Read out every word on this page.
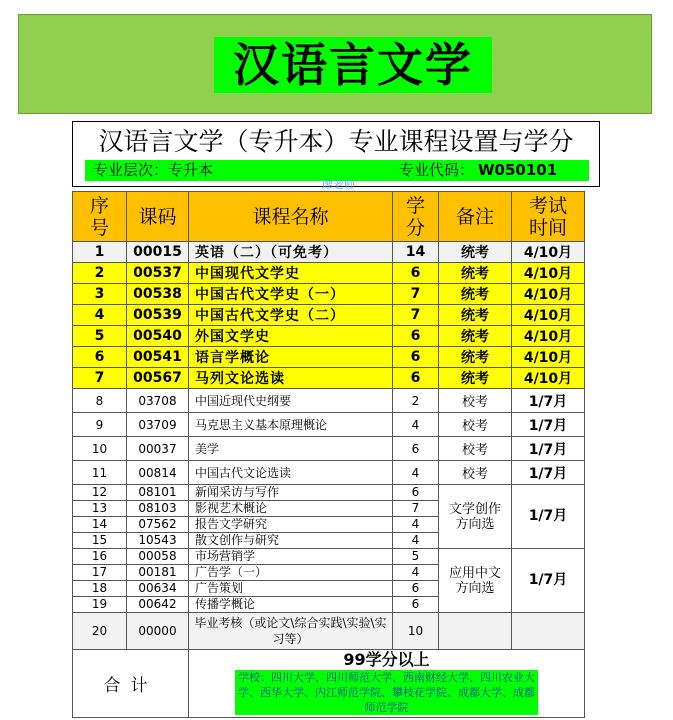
汉语言文学
汉语言文学（专升本）专业课程设置与学分
专业层次：专升本	专业代码： W050101
廖老师
序号	课码	课程名称	学分	备注	考试时间

1	00015	英语（二）（可免考）	14	统考	4/10月
2	00537	中国现代文学史	6	统考	4/10月
3	00538	中国古代文学史（一）	7	统考	4/10月
4	00539	中国古代文学史（二）	7	统考	4/10月
5	00540	外国文学史	6	统考	4/10月
6	00541	语言学概论	6	统考	4/10月
7	00567	马列文论选读	6	统考	4/10月
8	03708	中国近现代史纲要	2	校考	1/7月
9	03709	马克思主义基本原理概论	4	校考	1/7月
10	00037	美学	6	校考	1/7月
11	00814	中国古代文论选读	4	校考	1/7月
12	08101	新闻采访与写作	6	文学创作方向选	1/7月
13	08103	影视艺术概论	7		
14	07562	报告文学研究	4		
15	10543	散文创作与研究	4		
16	00058	市场营销学	5	应用中文方向选	1/7月
17	00181	广告学（一）	4		
18	00634	广告策划	6		
19	00642	传播学概论	6		
20	00000	毕业考核（或论文\综合实践\实验\实习等）	10		
合计		99学分以上
学校：四川大学、四川师范大学、西南财经大学、四川农业大学、西华大学、内江师范学院、攀枝花学院、成都大学、成都师范学院			
